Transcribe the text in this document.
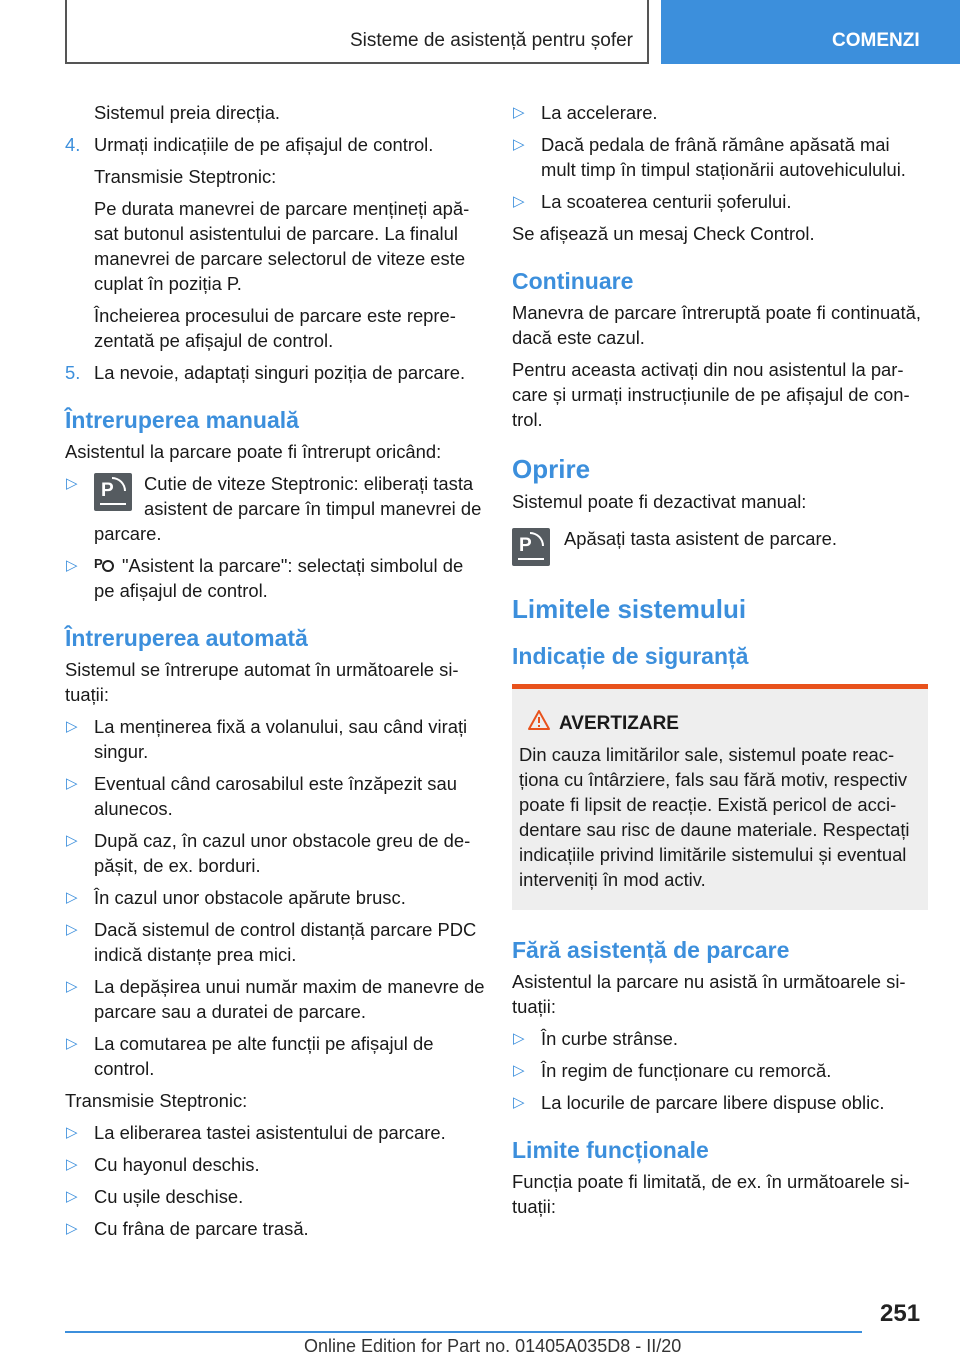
Sisteme de asistență pentru șofer	COMENZI

Sistemul preia direcția.

4. Urmați indicațiile de pe afișajul de control.

Transmisie Steptronic:

Pe durata manevrei de parcare mențineți apăsat butonul asistentului de parcare. La finalul manevrei de parcare selectorul de viteze este cuplat în poziția P.

Încheierea procesului de parcare este reprezentată pe afișajul de control.

5. La nevoie, adaptați singuri poziția de parcare.
Întreruperea manuală

Asistentul la parcare poate fi întrerupt oricând:

▷ P Cutie de viteze Steptronic: eliberați tasta asistent de parcare în timpul manevrei de parcare.
▷ P "Asistent la parcare": selectați simbolul de pe afișajul de control.
Întreruperea automată

Sistemul se întrerupe automat în următoarele situații:

▷ La menținerea fixă a volanului, sau când virați singur.
▷ Eventual când carosabilul este înzăpezit sau alunecos.
▷ După caz, în cazul unor obstacole greu de depășit, de ex. borduri.
▷ În cazul unor obstacole apărute brusc.
▷ Dacă sistemul de control distanță parcare PDC indică distanțe prea mici.
▷ La depășirea unui număr maxim de manevre de parcare sau a duratei de parcare.
▷ La comutarea pe alte funcții pe afișajul de control.

Transmisie Steptronic:

▷ La eliberarea tastei asistentului de parcare.
▷ Cu hayonul deschis.
▷ Cu ușile deschise.
▷ Cu frâna de parcare trasă.
▷ La accelerare.
▷ Dacă pedala de frână rămâne apăsată mai mult timp în timpul staționării autovehiculului.
▷ La scoaterea centurii șoferului.

Se afișează un mesaj Check Control.

Continuare

Manevra de parcare întreruptă poate fi continuată, dacă este cazul.

Pentru aceasta activați din nou asistentul la parcare și urmați instrucțiunile de pe afișajul de control.

Oprire

Sistemul poate fi dezactivat manual:

P Apăsați tasta asistent de parcare.
Limitele sistemului
Indicație de siguranță
AVERTIZARE

Din cauza limitărilor sale, sistemul poate reacționa cu întârziere, fals sau fără motiv, respectiv poate fi lipsit de reacție. Există pericol de accidentare sau risc de daune materiale. Respectați indicațiile privind limitările sistemului și eventual interveniți în mod activ.

Fără asistență de parcare

Asistentul la parcare nu asistă în următoarele situații:

▷ În curbe strânse.
▷ În regim de funcționare cu remorcă.
▷ La locurile de parcare libere dispuse oblic.
Limite funcționale

Funcția poate fi limitată, de ex. în următoarele situații:

251
Online Edition for Part no. 01405A035D8 - II/20
